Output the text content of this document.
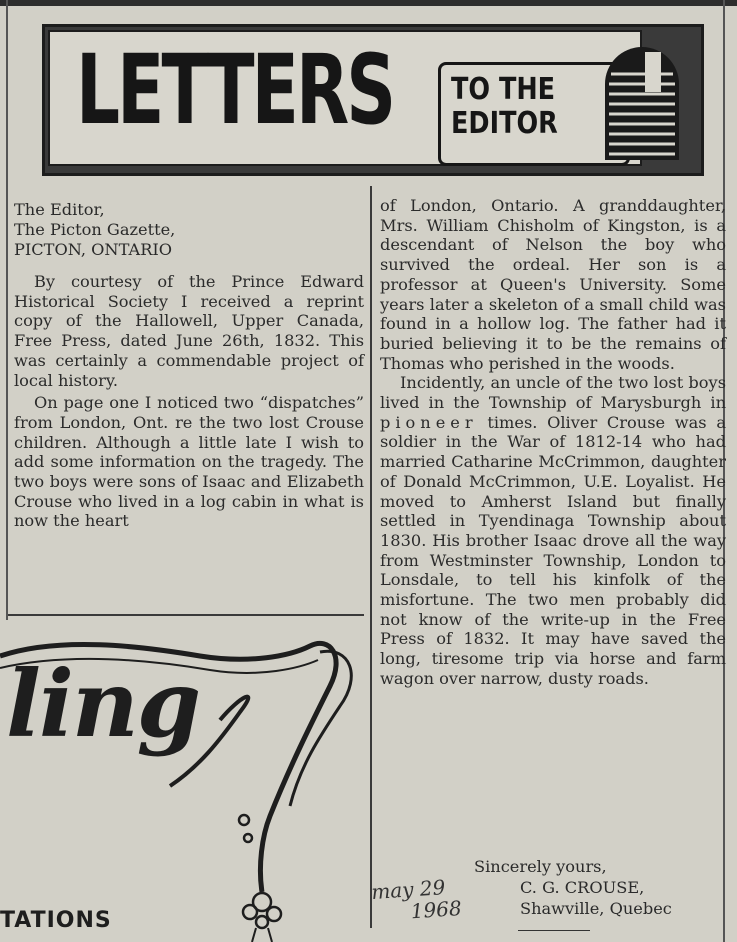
LETTERS TO THE
EDITOR
The Editor,
The Picton Gazette,
PICTON, ONTARIO

By courtesy of the Prince Edward Historical Society I received a reprint copy of the Hallowell, Upper Canada, Free Press, dated June 26th, 1832. This was certainly a commendable project of local history.

On page one I noticed two “dispatches” from London, Ont. re the two lost Crouse children. Although a little late I wish to add some information on the tragedy. The two boys were sons of Isaac and Elizabeth Crouse who lived in a log cabin in what is now the heart

of London, Ontario. A granddaughter, Mrs. William Chisholm of Kingston, is a descendant of Nelson the boy who survived the ordeal. Her son is a professor at Queen's University. Some years later a skeleton of a small child was found in a hollow log. The father had it buried believing it to be the remains of Thomas who perished in the woods.

Incidently, an uncle of the two lost boys lived in the Township of Marysburgh in pioneer times. Oliver Crouse was a soldier in the War of 1812-14 who had married Catharine McCrimmon, daughter of Donald McCrimmon, U.E. Loyalist. He moved to Amherst Island but finally settled in Tyendinaga Township about 1830. His brother Isaac drove all the way from Westminster Township, London to Lonsdale, to tell his kinfolk of the misfortune. The two men probably did not know of the write-up in the Free Press of 1832. It may have saved the long, tiresome trip via horse and farm wagon over narrow, dusty roads.

Sincerely yours,
C. G. CROUSE,
Shawville, Quebec
may 29
1968
ling
TATIONS
